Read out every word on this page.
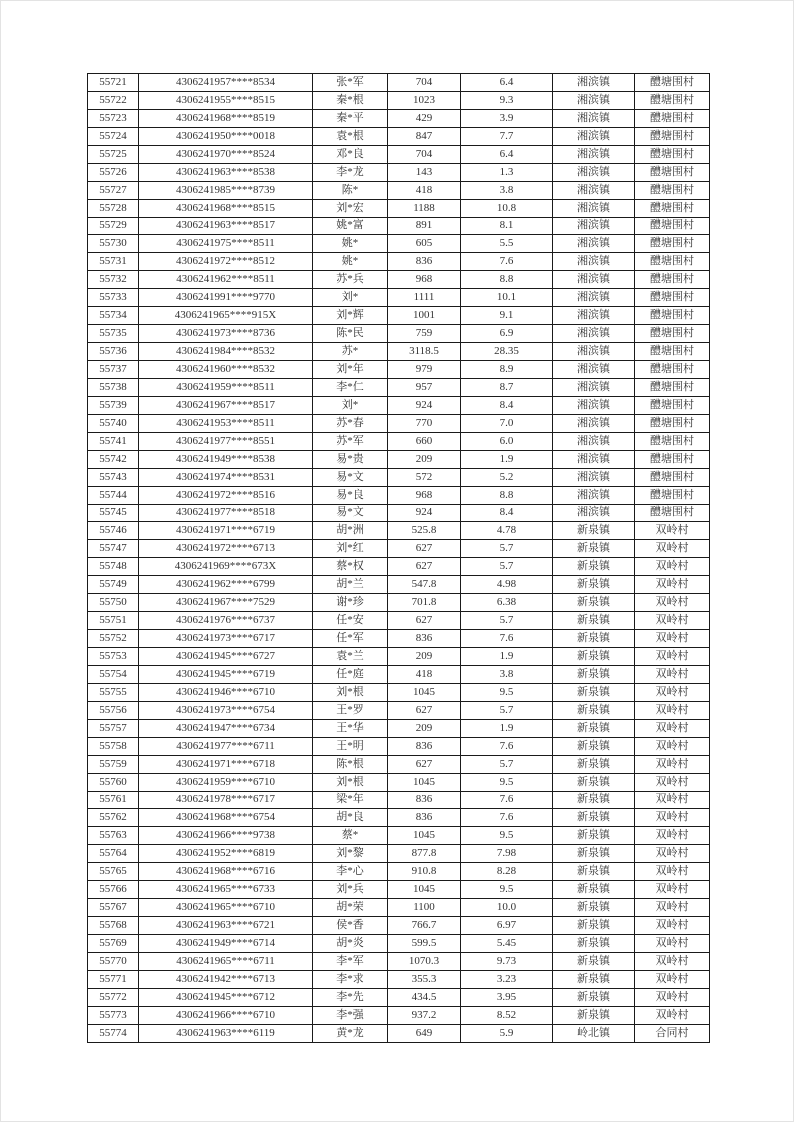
55721	4306241957****8534	张*军	704	6.4	湘滨镇	醴塘围村
55722	4306241955****8515	秦*根	1023	9.3	湘滨镇	醴塘围村
55723	4306241968****8519	秦*平	429	3.9	湘滨镇	醴塘围村
55724	4306241950****0018	袁*根	847	7.7	湘滨镇	醴塘围村
55725	4306241970****8524	邓*良	704	6.4	湘滨镇	醴塘围村
55726	4306241963****8538	李*龙	143	1.3	湘滨镇	醴塘围村
55727	4306241985****8739	陈*	418	3.8	湘滨镇	醴塘围村
55728	4306241968****8515	刘*宏	1188	10.8	湘滨镇	醴塘围村
55729	4306241963****8517	姚*富	891	8.1	湘滨镇	醴塘围村
55730	4306241975****8511	姚*	605	5.5	湘滨镇	醴塘围村
55731	4306241972****8512	姚*	836	7.6	湘滨镇	醴塘围村
55732	4306241962****8511	苏*兵	968	8.8	湘滨镇	醴塘围村
55733	4306241991****9770	刘*	1111	10.1	湘滨镇	醴塘围村
55734	4306241965****915X	刘*辉	1001	9.1	湘滨镇	醴塘围村
55735	4306241973****8736	陈*民	759	6.9	湘滨镇	醴塘围村
55736	4306241984****8532	苏*	3118.5	28.35	湘滨镇	醴塘围村
55737	4306241960****8532	刘*年	979	8.9	湘滨镇	醴塘围村
55738	4306241959****8511	李*仁	957	8.7	湘滨镇	醴塘围村
55739	4306241967****8517	刘*	924	8.4	湘滨镇	醴塘围村
55740	4306241953****8511	苏*春	770	7.0	湘滨镇	醴塘围村
55741	4306241977****8551	苏*军	660	6.0	湘滨镇	醴塘围村
55742	4306241949****8538	易*贵	209	1.9	湘滨镇	醴塘围村
55743	4306241974****8531	易*文	572	5.2	湘滨镇	醴塘围村
55744	4306241972****8516	易*良	968	8.8	湘滨镇	醴塘围村
55745	4306241977****8518	易*文	924	8.4	湘滨镇	醴塘围村
55746	4306241971****6719	胡*洲	525.8	4.78	新泉镇	双岭村
55747	4306241972****6713	刘*红	627	5.7	新泉镇	双岭村
55748	4306241969****673X	蔡*权	627	5.7	新泉镇	双岭村
55749	4306241962****6799	胡*兰	547.8	4.98	新泉镇	双岭村
55750	4306241967****7529	谢*珍	701.8	6.38	新泉镇	双岭村
55751	4306241976****6737	任*安	627	5.7	新泉镇	双岭村
55752	4306241973****6717	任*军	836	7.6	新泉镇	双岭村
55753	4306241945****6727	袁*兰	209	1.9	新泉镇	双岭村
55754	4306241945****6719	任*庭	418	3.8	新泉镇	双岭村
55755	4306241946****6710	刘*根	1045	9.5	新泉镇	双岭村
55756	4306241973****6754	王*罗	627	5.7	新泉镇	双岭村
55757	4306241947****6734	王*华	209	1.9	新泉镇	双岭村
55758	4306241977****6711	王*明	836	7.6	新泉镇	双岭村
55759	4306241971****6718	陈*根	627	5.7	新泉镇	双岭村
55760	4306241959****6710	刘*根	1045	9.5	新泉镇	双岭村
55761	4306241978****6717	梁*年	836	7.6	新泉镇	双岭村
55762	4306241968****6754	胡*良	836	7.6	新泉镇	双岭村
55763	4306241966****9738	蔡*	1045	9.5	新泉镇	双岭村
55764	4306241952****6819	刘*黎	877.8	7.98	新泉镇	双岭村
55765	4306241968****6716	李*心	910.8	8.28	新泉镇	双岭村
55766	4306241965****6733	刘*兵	1045	9.5	新泉镇	双岭村
55767	4306241965****6710	胡*荣	1100	10.0	新泉镇	双岭村
55768	4306241963****6721	侯*香	766.7	6.97	新泉镇	双岭村
55769	4306241949****6714	胡*炎	599.5	5.45	新泉镇	双岭村
55770	4306241965****6711	李*军	1070.3	9.73	新泉镇	双岭村
55771	4306241942****6713	李*求	355.3	3.23	新泉镇	双岭村
55772	4306241945****6712	李*先	434.5	3.95	新泉镇	双岭村
55773	4306241966****6710	李*强	937.2	8.52	新泉镇	双岭村
55774	4306241963****6119	黄*龙	649	5.9	岭北镇	合同村
